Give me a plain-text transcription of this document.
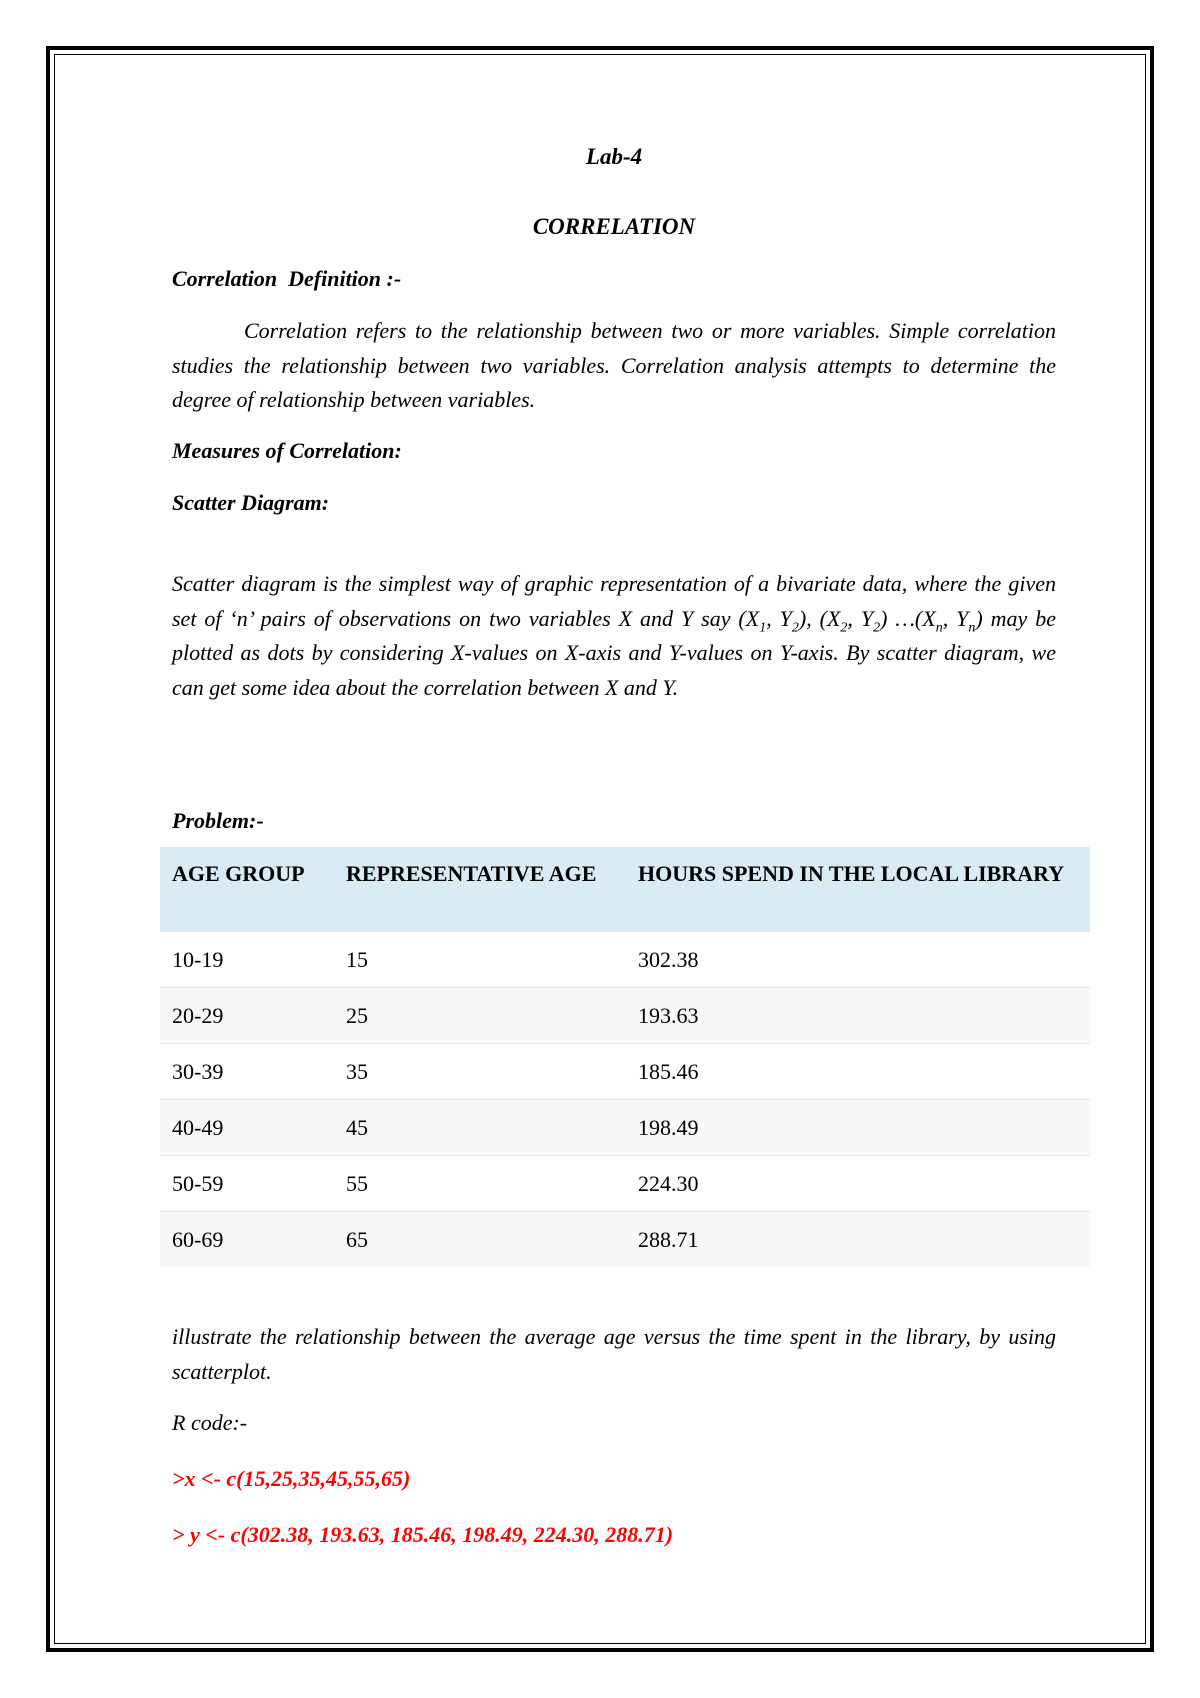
Lab-4

CORRELATION

Correlation  Definition :-

Correlation refers to the relationship between two or more variables. Simple correlation studies the relationship between two variables. Correlation analysis attempts to determine the degree of relationship between variables.

Measures of Correlation:

Scatter Diagram:

Scatter diagram is the simplest way of graphic representation of a bivariate data, where the given set of ‘n’ pairs of observations on two variables X and Y say ($X_1$, $Y_2$), ($X_2$, $Y_2$) $\dots(X_n$, $Y_n$) may be plotted as dots by considering X-values on X-axis and Y-values on Y-axis. By scatter diagram, we can get some idea about the correlation between X and Y.

Problem:-

AGE GROUP	REPRESENTATIVE AGE	HOURS SPEND IN THE LOCAL LIBRARY
10-19	15	302.38
20-29	25	193.63
30-39	35	185.46
40-49	45	198.49
50-59	55	224.30
60-69	65	288.71

illustrate the relationship between the average age versus the time spent in the library, by using scatterplot.

R code:-

>x <- c(15,25,35,45,55,65)

> y <- c(302.38, 193.63, 185.46, 198.49, 224.30, 288.71)
